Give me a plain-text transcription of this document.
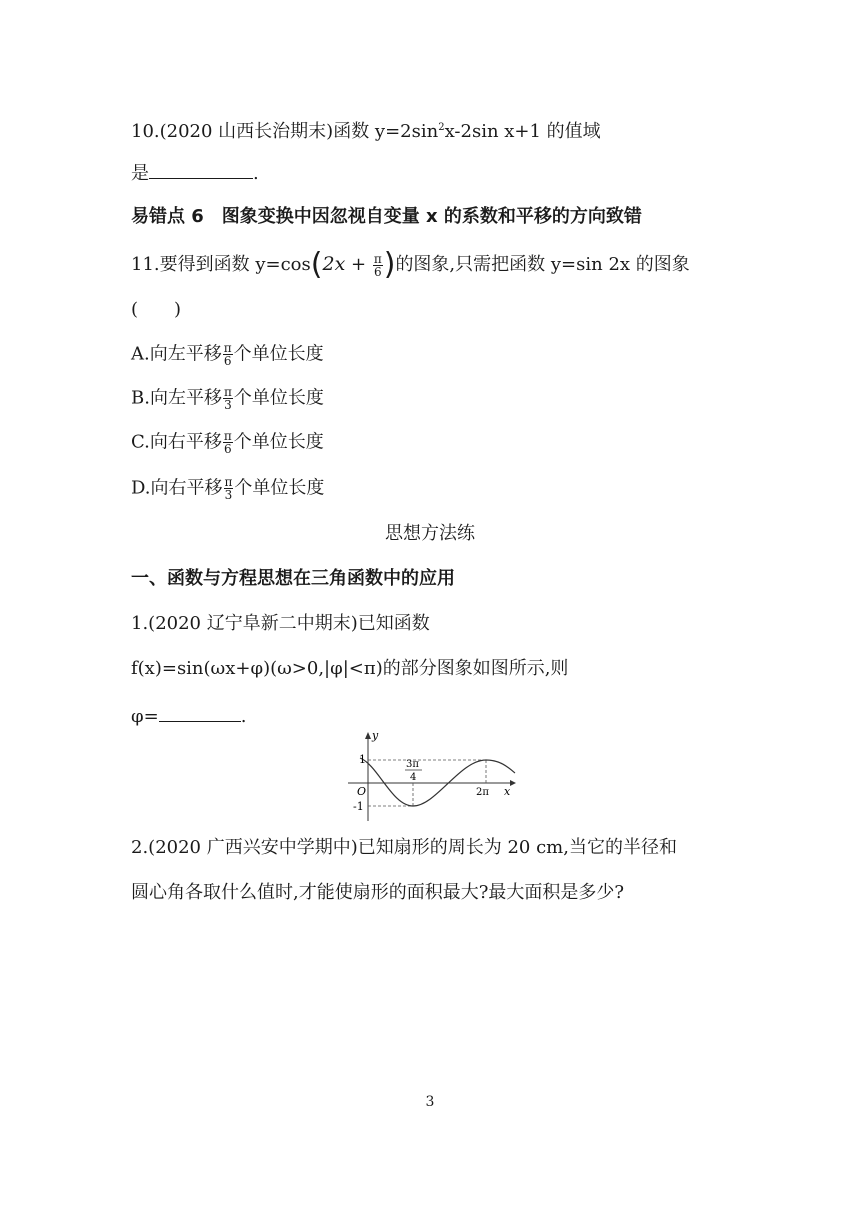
10.(2020 山西长治期末)函数 $y=2\sin^2x-2\sin$ x+1 的值域
是	.
易错点 6　图象变换中因忽视自变量 x 的系数和平移的方向致错
11.要得到函数 $y=\cos(2x + \frac{\pi}{6}$ )的图象,只需把函数 y=sin 2x 的图象
(　　)
A.向左平移 $\frac{\pi}{6}$ 个单位长度
B.向左平移 $\frac{\pi}{3}$ 个单位长度
C.向右平移 $\frac{\pi}{6}$ 个单位长度
D.向右平移 $\frac{\pi}{3}$ 个单位长度
思想方法练
一、函数与方程思想在三角函数中的应用
1.(2020 辽宁阜新二中期末)已知函数
f(x)=sin(ωx+φ)(ω>0,|φ|<π)的部分图象如图所示,则
φ=	.
y
x
O
1
-1
3π
4
2π
2.(2020 广西兴安中学期中)已知扇形的周长为 20 cm,当它的半径和
圆心角各取什么值时,才能使扇形的面积最大?最大面积是多少?
3
